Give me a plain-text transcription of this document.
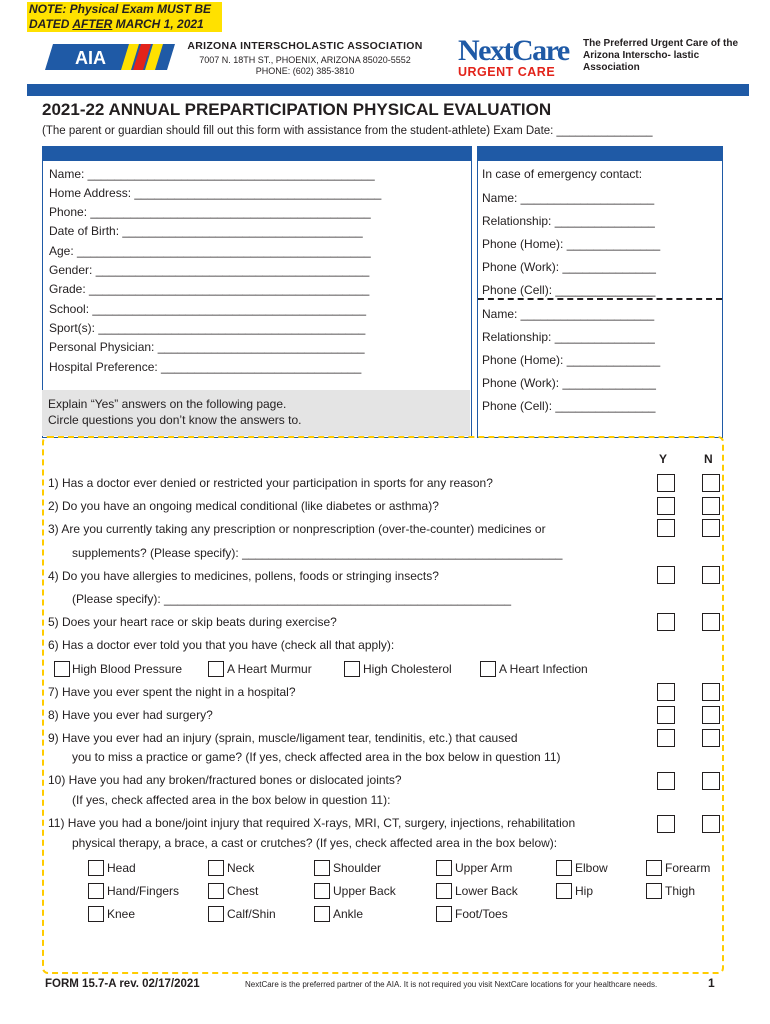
NOTE: Physical Exam MUST BE
DATED AFTER MARCH 1, 2021
AIA
ARIZONA INTERSCHOLASTIC ASSOCIATION
7007 N. 18TH ST., PHOENIX, ARIZONA 85020-5552
PHONE: (602) 385-3810
NextCare
URGENT CARE
The Preferred Urgent Care of the Arizona Interscho- lastic Association
2021-22 ANNUAL PREPARTICIPATION PHYSICAL EVALUATION
(The parent or guardian should fill out this form with assistance from the student-athlete) Exam Date: _______________
Name: ___________________________________________
Home Address: _____________________________________
Phone: __________________________________________
Date of Birth: ____________________________________
Age: ____________________________________________
Gender: _________________________________________
Grade: __________________________________________
School: _________________________________________
Sport(s): ________________________________________
Personal Physician: _______________________________
Hospital Preference: ______________________________
Explain “Yes” answers on the following page.
Circle questions you don’t know the answers to.
In case of emergency contact:
Name: ____________________
Relationship: _______________
Phone (Home): ______________
Phone (Work): ______________
Phone (Cell): _______________
Name: ____________________
Relationship: _______________
Phone (Home): ______________
Phone (Work): ______________
Phone (Cell): _______________
Y	N
1) Has a doctor ever denied or restricted your participation in sports for any reason?
2) Do you have an ongoing medical conditional (like diabetes or asthma)?
3) Are you currently taking any prescription or nonprescription (over-the-counter) medicines or
supplements? (Please specify): ________________________________________________
4) Do you have allergies to medicines, pollens, foods or stringing insects?
(Please specify): ____________________________________________________
5) Does your heart race or skip beats during exercise?
6) Has a doctor ever told you that you have (check all that apply):
High Blood Pressure	A Heart Murmur	High Cholesterol	A Heart Infection
7) Have you ever spent the night in a hospital?
8) Have you ever had surgery?
9) Have you ever had an injury (sprain, muscle/ligament tear, tendinitis, etc.) that caused
you to miss a practice or game? (If yes, check affected area in the box below in question 11)
10) Have you had any broken/fractured bones or dislocated joints?
(If yes, check affected area in the box below in question 11):
11) Have you had a bone/joint injury that required X-rays, MRI, CT, surgery, injections, rehabilitation
physical therapy, a brace, a cast or crutches? (If yes, check affected area in the box below):
Head	Neck	Shoulder	Upper Arm	Elbow	Forearm
Hand/Fingers	Chest	Upper Back	Lower Back	Hip	Thigh
Knee	Calf/Shin	Ankle	Foot/Toes
FORM 15.7-A rev. 02/17/2021	NextCare is the preferred partner of the AIA. It is not required you visit NextCare locations for your healthcare needs.	1
